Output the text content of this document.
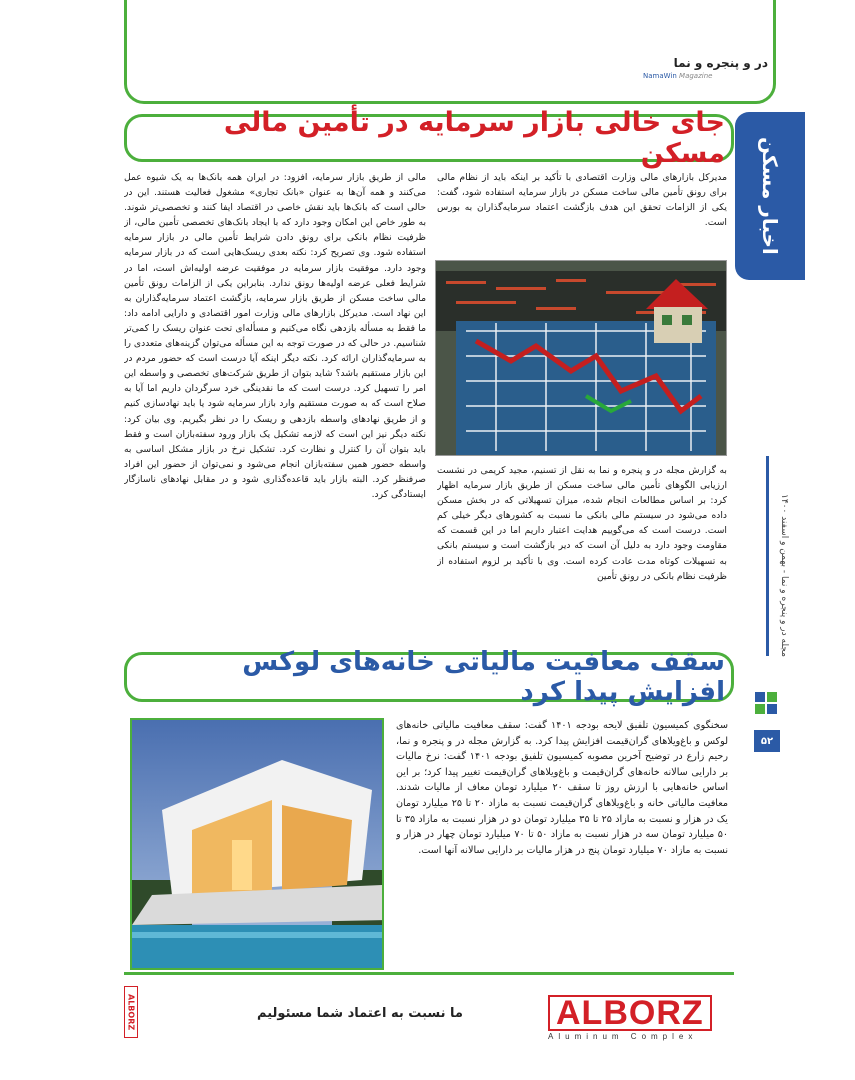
در و پنجره و نما
NamaWin Magazine
اخبار مسکن
جای خالی بازار سرمایه در تأمین مالی مسکن
مدیرکل بازارهای مالی وزارت اقتصادی با تأکید بر اینکه باید از نظام مالی برای رونق تأمین مالی ساخت مسکن در بازار سرمایه استفاده شود، گفت: یکی از الزامات تحقق این هدف بازگشت اعتماد سرمایه‌گذاران به بورس است.
به گزارش مجله در و پنجره و نما به نقل از تسنیم، مجید کریمی در نشست ارزیابی الگوهای تأمین مالی ساخت مسکن از طریق بازار سرمایه اظهار کرد: بر اساس مطالعات انجام شده، میزان تسهیلاتی که در بخش مسکن داده می‌شود در سیستم مالی بانکی ما نسبت به کشورهای دیگر خیلی کم است. درست است که می‌گوییم هدایت اعتبار داریم اما در این قسمت که مقاومت وجود دارد به دلیل آن است که دیر بازگشت است و سیستم بانکی به تسهیلات کوتاه مدت عادت کرده است. وی با تأکید بر لزوم استفاده از ظرفیت نظام بانکی در رونق تأمین
مالی از طریق بازار سرمایه، افزود: در ایران همه بانک‌ها به یک شیوه عمل می‌کنند و همه آن‌ها به عنوان «بانک تجاری» مشغول فعالیت هستند. این در حالی است که بانک‌ها باید نقش خاصی در اقتصاد ایفا کنند و تخصصی‌تر شوند. به طور خاص این امکان وجود دارد که با ایجاد بانک‌های تخصصی تأمین مالی، از ظرفیت نظام بانکی برای رونق دادن شرایط تأمین مالی در بازار سرمایه استفاده شود. وی تصریح کرد: نکته بعدی ریسک‌هایی است که در بازار سرمایه وجود دارد. موفقیت بازار سرمایه در موفقیت عرضه اولیه‌اش است، اما در شرایط فعلی عرضه اولیه‌ها رونق ندارد. بنابراین یکی از الزامات رونق تأمین مالی ساخت مسکن از طریق بازار سرمایه، بازگشت اعتماد سرمایه‌گذاران به این نهاد است. مدیرکل بازارهای مالی وزارت امور اقتصادی و دارایی ادامه داد: ما فقط به مسأله بازدهی نگاه می‌کنیم و مسأله‌ای تحت عنوان ریسک را کمی‌تر شناسیم. در حالی که در صورت توجه به این مسأله می‌توان گزینه‌های متعددی را به سرمایه‌گذاران ارائه کرد. نکته دیگر اینکه آیا درست است که حضور مردم در این بازار مستقیم باشد؟ شاید بتوان از طریق شرکت‌های تخصصی و واسطه این امر را تسهیل کرد. درست است که ما نقدینگی خرد سرگردان داریم اما آیا به صلاح است که به صورت مستقیم وارد بازار سرمایه شود یا باید نهادسازی کنیم و از طریق نهادهای واسطه بازدهی و ریسک را در نظر بگیریم. وی بیان کرد: نکته دیگر نیز این است که لازمه تشکیل یک بازار ورود سفته‌بازان است و فقط باید بتوان آن را کنترل و نظارت کرد. تشکیل نرخ در بازار مشکل اساسی به واسطه حضور همین سفته‌بازان انجام می‌شود و نمی‌توان از حضور این افراد صرفنظر کرد. البته بازار باید قاعده‌گذاری شود و در مقابل نهادهای ناسازگار ایستادگی کرد.	مجله در و پنجره و نما - بهمن و اسفند ۱۴۰۰
۵۲
سقف معافیت مالیاتی خانه‌های لوکس افزایش پیدا کرد
سخنگوی کمیسیون تلفیق لایحه بودجه ۱۴۰۱ گفت: سقف معافیت مالیاتی خانه‌های لوکس و باغ‌ویلاهای گران‌قیمت افزایش پیدا کرد. به گزارش مجله در و پنجره و نما، رحیم زارع در توضیح آخرین مصوبه کمیسیون تلفیق بودجه ۱۴۰۱ گفت: نرخ مالیات بر دارایی سالانه خانه‌های گران‌قیمت و باغ‌ویلاهای گران‌قیمت تغییر پیدا کرد؛ بر این اساس خانه‌هایی با ارزش روز تا سقف ۲۰ میلیارد تومان معاف از مالیات شدند. معافیت مالیاتی خانه و باغ‌ویلاهای گران‌قیمت نسبت به مازاد ۲۰ تا ۲۵ میلیارد تومان یک در هزار و نسبت به مازاد ۲۵ تا ۳۵ میلیارد تومان دو در هزار نسبت به مازاد ۳۵ تا ۵۰ میلیارد تومان سه در هزار نسبت به مازاد ۵۰ تا ۷۰ میلیارد تومان چهار در هزار و نسبت به مازاد ۷۰ میلیارد تومان پنج در هزار مالیات بر دارایی سالانه آنها است.
ALBORZ
Aluminum Complex
ما نسبت به اعتماد شما مسئولیم
ALBORZ
